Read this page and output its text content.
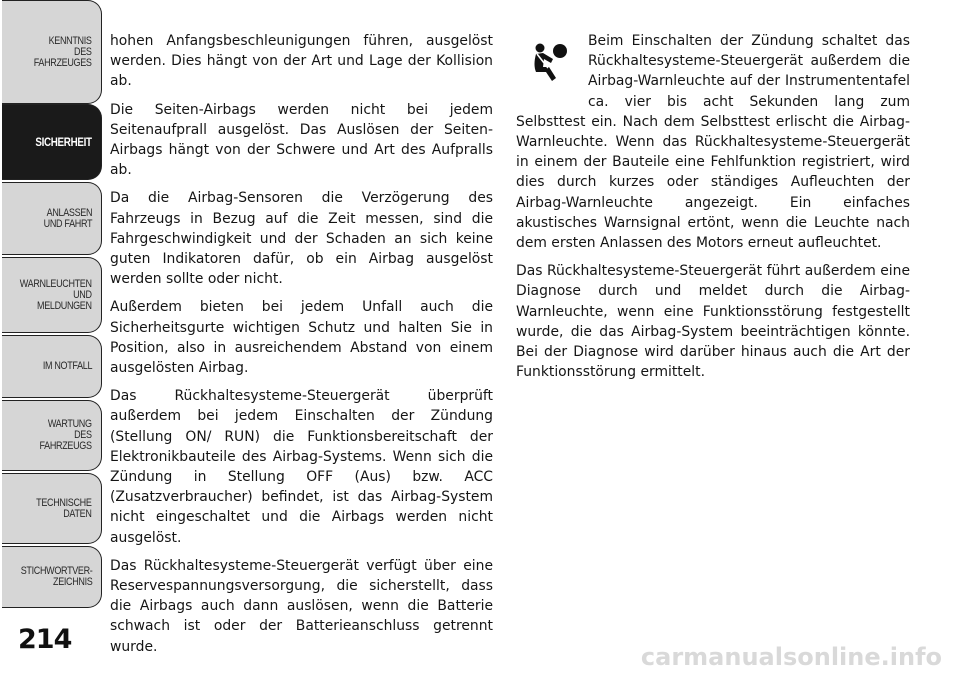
KENNTNIS
DES
FAHRZEUGES
SICHERHEIT
ANLASSEN
UND FAHRT
WARNLEUCHTEN
UND
MELDUNGEN
IM NOTFALL
WARTUNG
DES
FAHRZEUGS
TECHNISCHE
DATEN
STICHWORTVER-
ZEICHNIS
214

hohen Anfangsbeschleunigungen führen, ausgelöst werden. Dies hängt von der Art und Lage der Kollision ab.

Die Seiten-Airbags werden nicht bei jedem Seitenaufprall ausgelöst. Das Auslösen der Seiten-Airbags hängt von der Schwere und Art des Aufpralls ab.

Da die Airbag-Sensoren die Verzögerung des Fahrzeugs in Bezug auf die Zeit messen, sind die Fahrgeschwindigkeit und der Schaden an sich keine guten Indikatoren dafür, ob ein Airbag ausgelöst werden sollte oder nicht.

Außerdem bieten bei jedem Unfall auch die Sicherheitsgurte wichtigen Schutz und halten Sie in Position, also in ausreichendem Abstand von einem ausgelösten Airbag.

Das Rückhaltesysteme-Steuergerät überprüft außerdem bei jedem Einschalten der Zündung (Stellung ON/ RUN) die Funktionsbereitschaft der Elektronikbauteile des Airbag-Systems. Wenn sich die Zündung in Stellung OFF (Aus) bzw. ACC (Zusatzverbraucher) befindet, ist das Airbag-System nicht eingeschaltet und die Airbags werden nicht ausgelöst.

Das Rückhaltesysteme-Steuergerät verfügt über eine Reservespannungsversorgung, die sicherstellt, dass die Airbags auch dann auslösen, wenn die Batterie schwach ist oder der Batterieanschluss getrennt wurde.

Beim Einschalten der Zündung schaltet das Rückhaltesysteme-Steuergerät außerdem die Airbag-Warnleuchte auf der Instrumententafel ca. vier bis acht Sekunden lang zum Selbsttest ein. Nach dem Selbsttest erlischt die Airbag-Warnleuchte. Wenn das Rückhaltesysteme-Steuergerät in einem der Bauteile eine Fehlfunktion registriert, wird dies durch kurzes oder ständiges Aufleuchten der Airbag-Warnleuchte angezeigt. Ein einfaches akustisches Warnsignal ertönt, wenn die Leuchte nach dem ersten Anlassen des Motors erneut aufleuchtet.

Das Rückhaltesysteme-Steuergerät führt außerdem eine Diagnose durch und meldet durch die Airbag-Warnleuchte, wenn eine Funktionsstörung festgestellt wurde, die das Airbag-System beeinträchtigen könnte. Bei der Diagnose wird darüber hinaus auch die Art der Funktionsstörung ermittelt.

carmanualsonline.info
